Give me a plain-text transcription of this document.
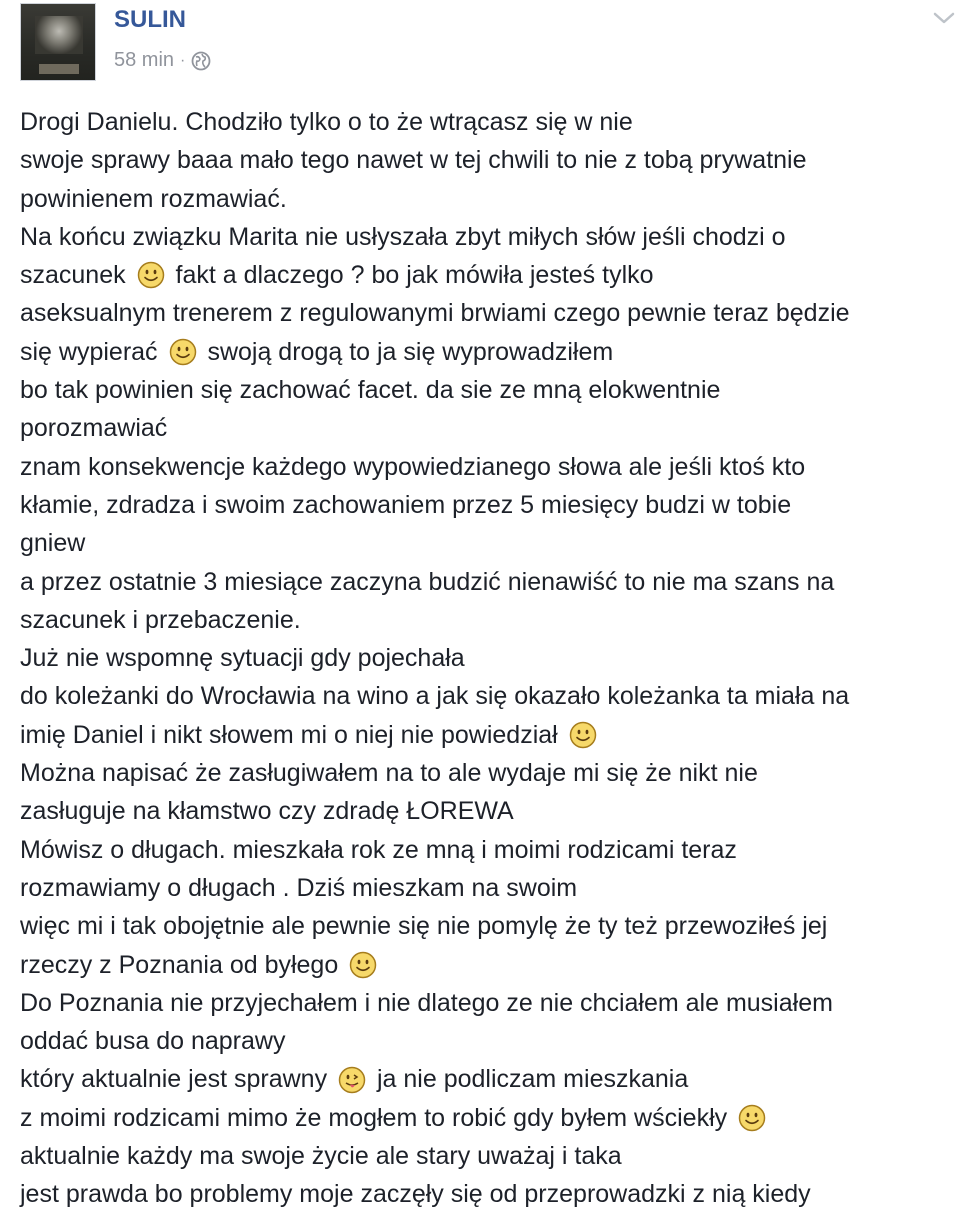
SULIN
58 min ·
Drogi Danielu. Chodziło tylko o to że wtrącasz się w nie
swoje sprawy baaa mało tego nawet w tej chwili to nie z tobą prywatnie
powinienem rozmawiać.
Na końcu związku Marita nie usłyszała zbyt miłych słów jeśli chodzi o
szacunek fakt a dlaczego ? bo jak mówiła jesteś tylko
aseksualnym trenerem z regulowanymi brwiami czego pewnie teraz będzie
się wypierać swoją drogą to ja się wyprowadziłem
bo tak powinien się zachować facet. da sie ze mną elokwentnie
porozmawiać
znam konsekwencje każdego wypowiedzianego słowa ale jeśli ktoś kto
kłamie, zdradza i swoim zachowaniem przez 5 miesięcy budzi w tobie
gniew
a przez ostatnie 3 miesiące zaczyna budzić nienawiść to nie ma szans na
szacunek i przebaczenie.
Już nie wspomnę sytuacji gdy pojechała
do koleżanki do Wrocławia na wino a jak się okazało koleżanka ta miała na
imię Daniel i nikt słowem mi o niej nie powiedział
Można napisać że zasługiwałem na to ale wydaje mi się że nikt nie
zasługuje na kłamstwo czy zdradę ŁOREWA
Mówisz o długach. mieszkała rok ze mną i moimi rodzicami teraz
rozmawiamy o długach . Dziś mieszkam na swoim
więc mi i tak obojętnie ale pewnie się nie pomylę że ty też przewoziłeś jej
rzeczy z Poznania od byłego
Do Poznania nie przyjechałem i nie dlatego ze nie chciałem ale musiałem
oddać busa do naprawy
który aktualnie jest sprawny ja nie podliczam mieszkania
z moimi rodzicami mimo że mogłem to robić gdy byłem wściekły
aktualnie każdy ma swoje życie ale stary uważaj i taka
jest prawda bo problemy moje zaczęły się od przeprowadzki z nią kiedy
